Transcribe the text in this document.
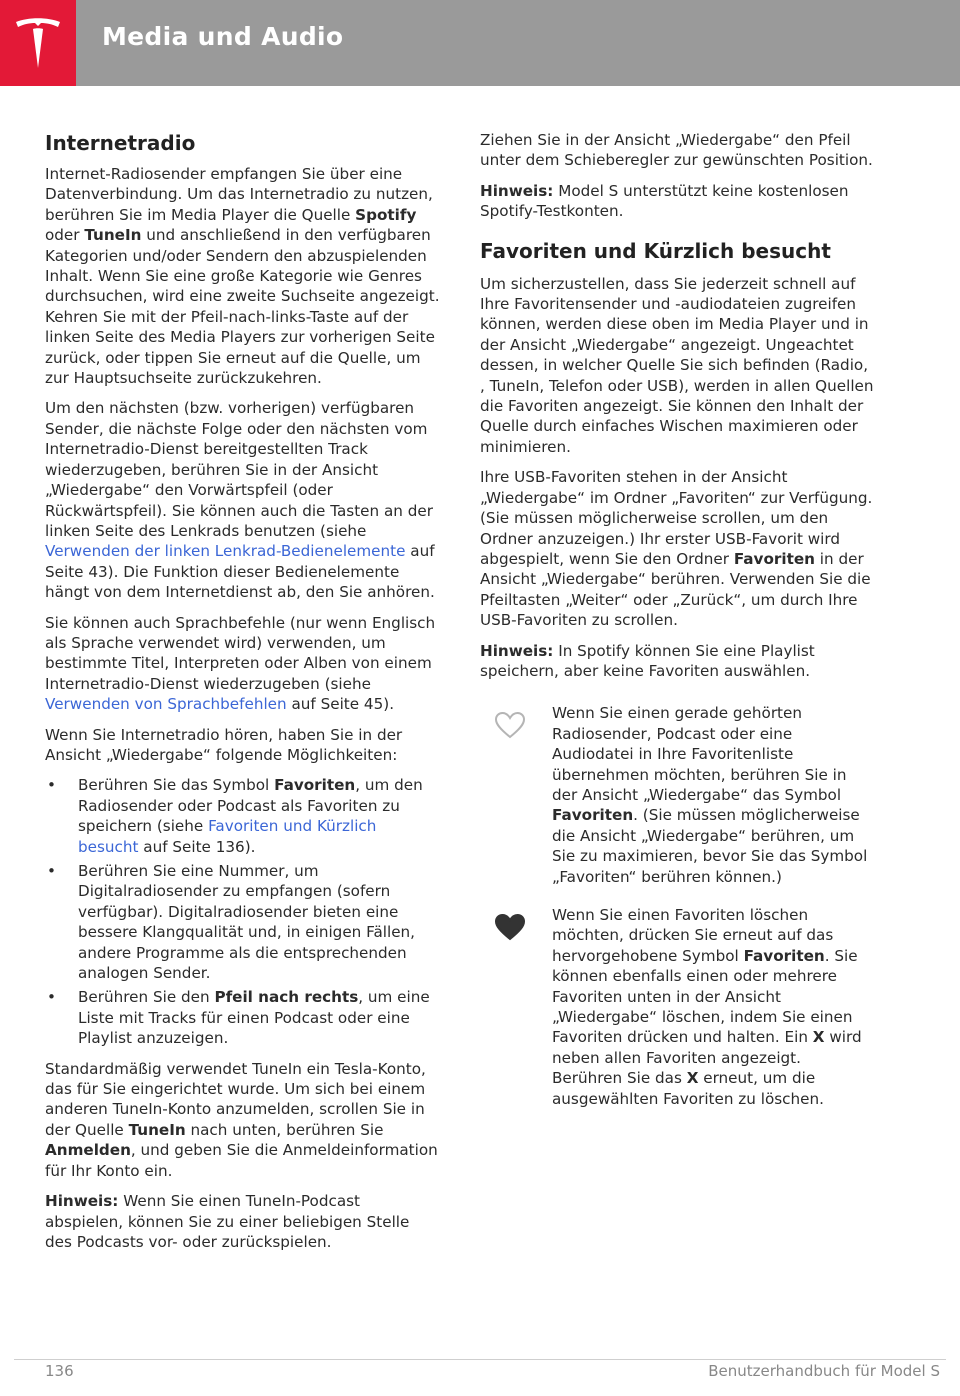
Media und Audio
Internetradio

Internet-Radiosender empfangen Sie über eine Datenverbindung. Um das Internetradio zu nutzen, berühren Sie im Media Player die Quelle Spotify oder TuneIn und anschließend in den verfügbaren Kategorien und/oder Sendern den abzuspielenden Inhalt. Wenn Sie eine große Kategorie wie Genres durchsuchen, wird eine zweite Suchseite angezeigt. Kehren Sie mit der Pfeil-nach-links-Taste auf der linken Seite des Media Players zur vorherigen Seite zurück, oder tippen Sie erneut auf die Quelle, um zur Hauptsuchseite zurückzukehren.

Um den nächsten (bzw. vorherigen) verfügbaren Sender, die nächste Folge oder den nächsten vom Internetradio-Dienst bereitgestellten Track wiederzugeben, berühren Sie in der Ansicht „Wiedergabe“ den Vorwärtspfeil (oder Rückwärtspfeil). Sie können auch die Tasten an der linken Seite des Lenkrads benutzen (siehe Verwenden der linken Lenkrad-Bedienelemente auf Seite 43). Die Funktion dieser Bedienelemente hängt von dem Internetdienst ab, den Sie anhören.

Sie können auch Sprachbefehle (nur wenn Englisch als Sprache verwendet wird) verwenden, um bestimmte Titel, Interpreten oder Alben von einem Internetradio-Dienst wiederzugeben (siehe Verwenden von Sprachbefehlen auf Seite 45).

Wenn Sie Internetradio hören, haben Sie in der Ansicht „Wiedergabe“ folgende Möglichkeiten:

• Berühren Sie das Symbol Favoriten, um den Radiosender oder Podcast als Favoriten zu speichern (siehe Favoriten und Kürzlich besucht auf Seite 136).
• Berühren Sie eine Nummer, um Digitalradiosender zu empfangen (sofern verfügbar). Digitalradiosender bieten eine bessere Klangqualität und, in einigen Fällen, andere Programme als die entsprechenden analogen Sender.
• Berühren Sie den Pfeil nach rechts, um eine Liste mit Tracks für einen Podcast oder eine Playlist anzuzeigen.

Standardmäßig verwendet TuneIn ein Tesla-Konto, das für Sie eingerichtet wurde. Um sich bei einem anderen TuneIn-Konto anzumelden, scrollen Sie in der Quelle TuneIn nach unten, berühren Sie Anmelden, und geben Sie die Anmeldeinformation für Ihr Konto ein.

Hinweis: Wenn Sie einen TuneIn-Podcast abspielen, können Sie zu einer beliebigen Stelle des Podcasts vor- oder zurückspielen.

Ziehen Sie in der Ansicht „Wiedergabe“ den Pfeil unter dem Schieberegler zur gewünschten Position.

Hinweis: Model S unterstützt keine kostenlosen Spotify-Testkonten.

Favoriten und Kürzlich besucht

Um sicherzustellen, dass Sie jederzeit schnell auf Ihre Favoritensender und -audiodateien zugreifen können, werden diese oben im Media Player und in der Ansicht „Wiedergabe“ angezeigt. Ungeachtet dessen, in welcher Quelle Sie sich befinden (Radio, , TuneIn, Telefon oder USB), werden in allen Quellen die Favoriten angezeigt. Sie können den Inhalt der Quelle durch einfaches Wischen maximieren oder minimieren.

Ihre USB-Favoriten stehen in der Ansicht „Wiedergabe“ im Ordner „Favoriten“ zur Verfügung. (Sie müssen möglicherweise scrollen, um den Ordner anzuzeigen.) Ihr erster USB-Favorit wird abgespielt, wenn Sie den Ordner Favoriten in der Ansicht „Wiedergabe“ berühren. Verwenden Sie die Pfeiltasten „Weiter“ oder „Zurück“, um durch Ihre USB-Favoriten zu scrollen.

Hinweis: In Spotify können Sie eine Playlist speichern, aber keine Favoriten auswählen.

Wenn Sie einen gerade gehörten Radiosender, Podcast oder eine Audiodatei in Ihre Favoritenliste übernehmen möchten, berühren Sie in der Ansicht „Wiedergabe“ das Symbol Favoriten. (Sie müssen möglicherweise die Ansicht „Wiedergabe“ berühren, um Sie zu maximieren, bevor Sie das Symbol „Favoriten“ berühren können.)
Wenn Sie einen Favoriten löschen möchten, drücken Sie erneut auf das hervorgehobene Symbol Favoriten. Sie können ebenfalls einen oder mehrere Favoriten unten in der Ansicht „Wiedergabe“ löschen, indem Sie einen Favoriten drücken und halten. Ein X wird neben allen Favoriten angezeigt. Berühren Sie das X erneut, um die ausgewählten Favoriten zu löschen.
136	Benutzerhandbuch für Model S
